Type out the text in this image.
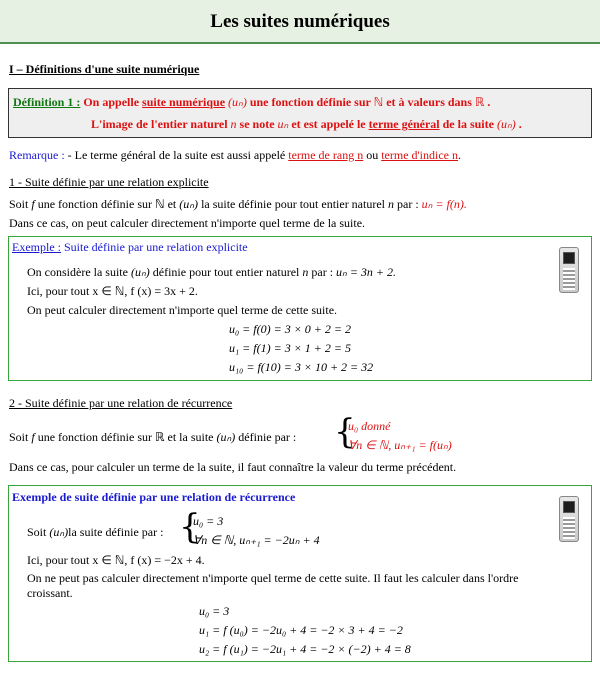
Les suites numériques
I – Définitions d'une suite numérique
Définition 1 : On appelle suite numérique (uₙ) une fonction définie sur ℕ et à valeurs dans ℝ .
L'image de l'entier naturel n se note uₙ et est appelé le terme général de la suite (uₙ) .
Remarque : - Le terme général de la suite est aussi appelé terme de rang n ou terme d'indice n.
1 - Suite définie par une relation explicite
Soit f une fonction définie sur ℕ et (uₙ) la suite définie pour tout entier naturel n par : uₙ = f(n).
Dans ce cas, on peut calculer directement n'importe quel terme de la suite.
Exemple : Suite définie par une relation explicite
On considère la suite (uₙ) définie pour tout entier naturel n par : uₙ = 3n + 2.
Ici, pour tout x ∈ ℕ, f (x) = 3x + 2.
On peut calculer directement n'importe quel terme de cette suite.
u₀ = f(0) = 3 × 0 + 2 = 2
u₁ = f(1) = 3 × 1 + 2 = 5
u₁₀ = f(10) = 3 × 10 + 2 = 32
2 - Suite définie par une relation de récurrence
Soit f une fonction définie sur ℝ et la suite (uₙ) définie par : {
u₀ donné
∀n ∈ ℕ, uₙ₊₁ = f(uₙ)
Dans ce cas, pour calculer un terme de la suite, il faut connaître la valeur du terme précédent.
Exemple de suite définie par une relation de récurrence
Soit (uₙ)la suite définie par : {
u₀ = 3
∀n ∈ ℕ, uₙ₊₁ = −2uₙ + 4
Ici, pour tout x ∈ ℕ, f (x) = −2x + 4.
On ne peut pas calculer directement n'importe quel terme de cette suite. Il faut les calculer dans l'ordre
croissant.
u₀ = 3
u₁ = f (u₀) = −2u₀ + 4 = −2 × 3 + 4 = −2
u₂ = f (u₁) = −2u₁ + 4 = −2 × (−2) + 4 = 8
